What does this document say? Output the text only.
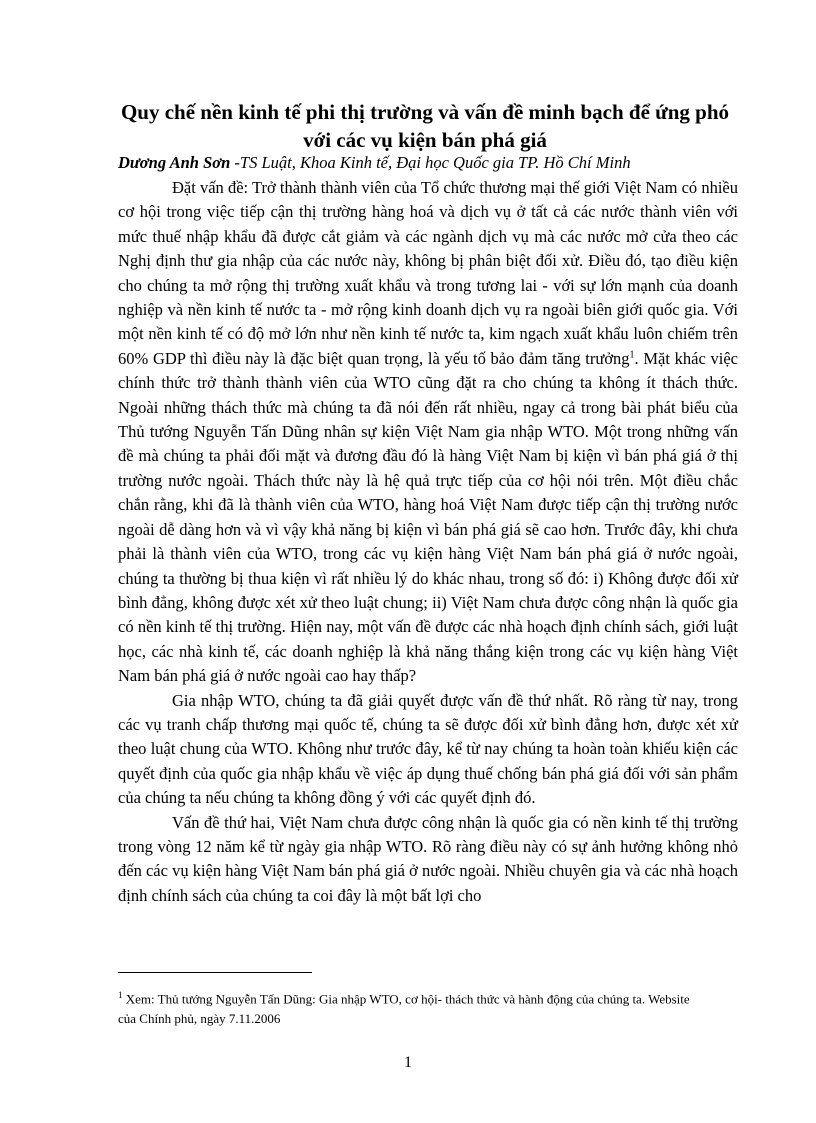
Quy chế nền kinh tế phi thị trường và vấn đề minh bạch để ứng phó với các vụ kiện bán phá giá

Dương Anh Sơn -TS Luật, Khoa Kinh tế, Đại học Quốc gia TP. Hồ Chí Minh

Đặt vấn đề: Trở thành thành viên của Tổ chức thương mại thế giới Việt Nam có nhiều cơ hội trong việc tiếp cận thị trường hàng hoá và dịch vụ ở tất cả các nước thành viên với mức thuế nhập khẩu đã được cắt giảm và các ngành dịch vụ mà các nước mở cửa theo các Nghị định thư gia nhập của các nước này, không bị phân biệt đối xử. Điều đó, tạo điều kiện cho chúng ta mở rộng thị trường xuất khẩu và trong tương lai - với sự lớn mạnh của doanh nghiệp và nền kinh tế nước ta - mở rộng kinh doanh dịch vụ ra ngoài biên giới quốc gia. Với một nền kinh tế có độ mở lớn như nền kinh tế nước ta, kim ngạch xuất khẩu luôn chiếm trên 60% GDP thì điều này là đặc biệt quan trọng, là yếu tố bảo đảm tăng trưởng$^1$. Mặt khác việc chính thức trở thành thành viên của WTO cũng đặt ra cho chúng ta không ít thách thức. Ngoài những thách thức mà chúng ta đã nói đến rất nhiều, ngay cả trong bài phát biểu của Thủ tướng Nguyễn Tấn Dũng nhân sự kiện Việt Nam gia nhập WTO. Một trong những vấn đề mà chúng ta phải đối mặt và đương đầu đó là hàng Việt Nam bị kiện vì bán phá giá ở thị trường nước ngoài. Thách thức này là hệ quả trực tiếp của cơ hội nói trên. Một điều chắc chắn rằng, khi đã là thành viên của WTO, hàng hoá Việt Nam được tiếp cận thị trường nước ngoài dễ dàng hơn và vì vậy khả năng bị kiện vì bán phá giá sẽ cao hơn. Trước đây, khi chưa phải là thành viên của WTO, trong các vụ kiện hàng Việt Nam bán phá giá ở nước ngoài, chúng ta thường bị thua kiện vì rất nhiều lý do khác nhau, trong số đó: i) Không được đối xử bình đẳng, không được xét xử theo luật chung; ii) Việt Nam chưa được công nhận là quốc gia có nền kinh tế thị trường. Hiện nay, một vấn đề được các nhà hoạch định chính sách, giới luật học, các nhà kinh tế, các doanh nghiệp là khả năng thắng kiện trong các vụ kiện hàng Việt Nam bán phá giá ở nước ngoài cao hay thấp?

Gia nhập WTO, chúng ta đã giải quyết được vấn đề thứ nhất. Rõ ràng từ nay, trong các vụ tranh chấp thương mại quốc tế, chúng ta sẽ được đối xử bình đẳng hơn, được xét xử theo luật chung của WTO. Không như trước đây, kể từ nay chúng ta hoàn toàn khiếu kiện các quyết định của quốc gia nhập khẩu về việc áp dụng thuế chống bán phá giá đối với sản phẩm của chúng ta nếu chúng ta không đồng ý với các quyết định đó.

Vấn đề thứ hai, Việt Nam chưa được công nhận là quốc gia có nền kinh tế thị trường trong vòng 12 năm kể từ ngày gia nhập WTO. Rõ ràng điều này có sự ảnh hưởng không nhỏ đến các vụ kiện hàng Việt Nam bán phá giá ở nước ngoài. Nhiều chuyên gia và các nhà hoạch định chính sách của chúng ta coi đây là một bất lợi cho

$^1$ Xem: Thủ tướng Nguyễn Tấn Dũng: Gia nhập WTO, cơ hội- thách thức và hành động của chúng ta. Website của Chính phủ, ngày 7.11.2006
1
